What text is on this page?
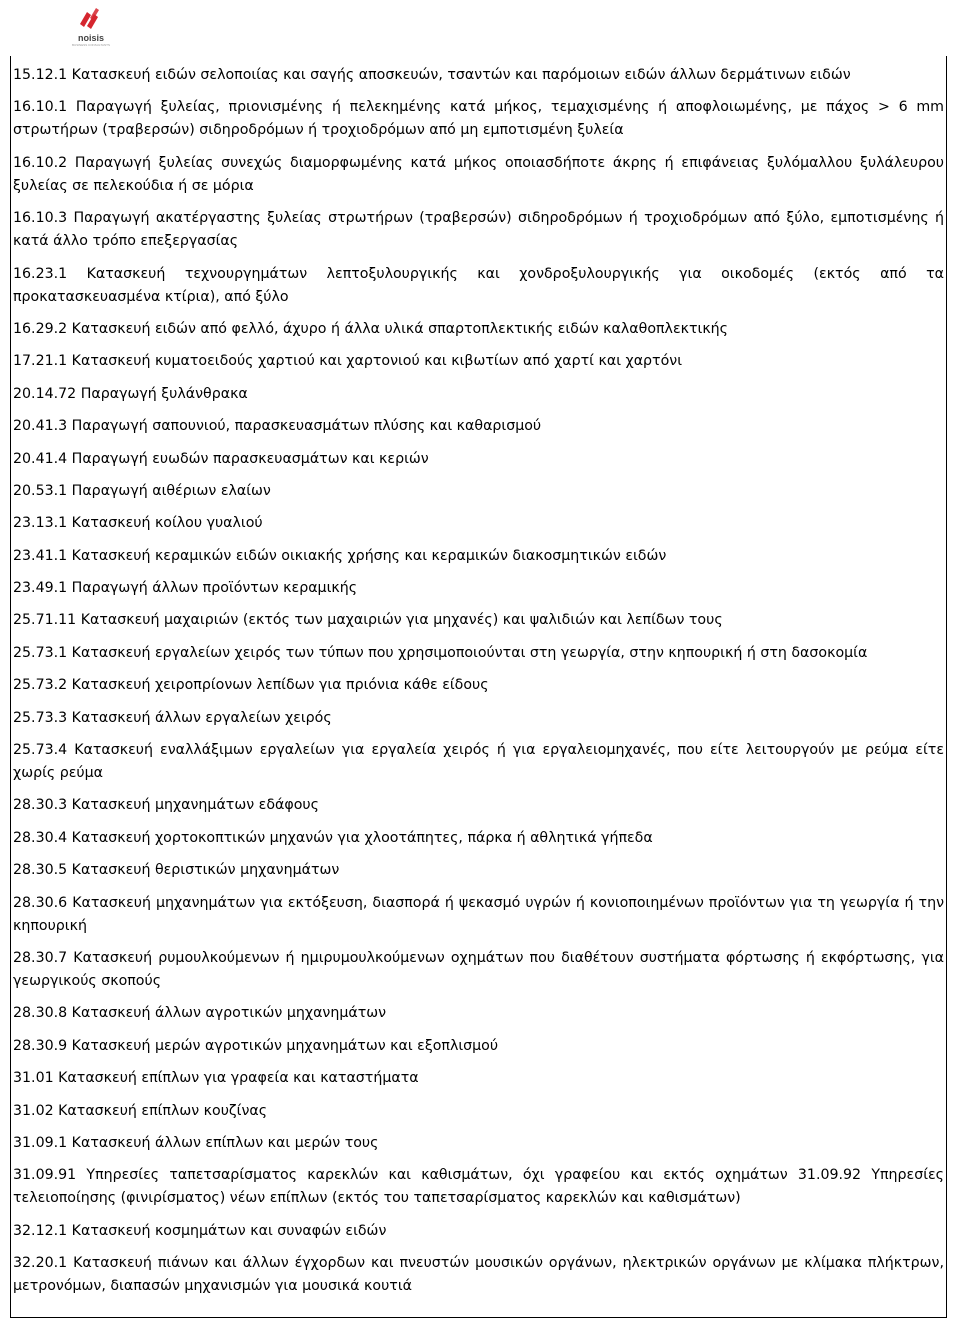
noisis
BUSINESS CONSULTANTS
15.12.1 Κατασκευή ειδών σελοποιίας και σαγής αποσκευών, τσαντών και παρόμοιων ειδών άλλων δερμάτινων ειδών
16.10.1 Παραγωγή ξυλείας, πριονισμένης ή πελεκημένης κατά μήκος, τεμαχισμένης ή αποφλοιωμένης, με πάχος > 6 mm στρωτήρων (τραβερσών) σιδηροδρόμων ή τροχιοδρόμων από μη εμποτισμένη ξυλεία
16.10.2 Παραγωγή ξυλείας συνεχώς διαμορφωμένης κατά μήκος οποιασδήποτε άκρης ή επιφάνειας ξυλόμαλλου ξυλάλευρου ξυλείας σε πελεκούδια ή σε μόρια
16.10.3 Παραγωγή ακατέργαστης ξυλείας στρωτήρων (τραβερσών) σιδηροδρόμων ή τροχιοδρόμων από ξύλο, εμποτισμένης ή κατά άλλο τρόπο επεξεργασίας
16.23.1 Κατασκευή τεχνουργημάτων λεπτοξυλουργικής και χονδροξυλουργικής για οικοδομές (εκτός από τα προκατασκευασμένα κτίρια), από ξύλο
16.29.2 Κατασκευή ειδών από φελλό, άχυρο ή άλλα υλικά σπαρτοπλεκτικής ειδών καλαθοπλεκτικής
17.21.1 Κατασκευή κυματοειδούς χαρτιού και χαρτονιού και κιβωτίων από χαρτί και χαρτόνι
20.14.72 Παραγωγή ξυλάνθρακα
20.41.3 Παραγωγή σαπουνιού, παρασκευασμάτων πλύσης και καθαρισμού
20.41.4 Παραγωγή ευωδών παρασκευασμάτων και κεριών
20.53.1 Παραγωγή αιθέριων ελαίων
23.13.1 Κατασκευή κοίλου γυαλιού
23.41.1 Κατασκευή κεραμικών ειδών οικιακής χρήσης και κεραμικών διακοσμητικών ειδών
23.49.1 Παραγωγή άλλων προϊόντων κεραμικής
25.71.11 Κατασκευή μαχαιριών (εκτός των μαχαιριών για μηχανές) και ψαλιδιών και λεπίδων τους
25.73.1 Κατασκευή εργαλείων χειρός των τύπων που χρησιμοποιούνται στη γεωργία, στην κηπουρική ή στη δασοκομία
25.73.2 Κατασκευή χειροπρίονων λεπίδων για πριόνια κάθε είδους
25.73.3 Κατασκευή άλλων εργαλείων χειρός
25.73.4 Κατασκευή εναλλάξιμων εργαλείων για εργαλεία χειρός ή για εργαλειομηχανές, που είτε λειτουργούν με ρεύμα είτε χωρίς ρεύμα
28.30.3 Κατασκευή μηχανημάτων εδάφους
28.30.4 Κατασκευή χορτοκοπτικών μηχανών για χλοοτάπητες, πάρκα ή αθλητικά γήπεδα
28.30.5 Κατασκευή θεριστικών μηχανημάτων
28.30.6 Κατασκευή μηχανημάτων για εκτόξευση, διασπορά ή ψεκασμό υγρών ή κονιοποιημένων προϊόντων για τη γεωργία ή την κηπουρική
28.30.7 Κατασκευή ρυμουλκούμενων ή ημιρυμουλκούμενων οχημάτων που διαθέτουν συστήματα φόρτωσης ή εκφόρτωσης, για γεωργικούς σκοπούς
28.30.8 Κατασκευή άλλων αγροτικών μηχανημάτων
28.30.9 Κατασκευή μερών αγροτικών μηχανημάτων και εξοπλισμού
31.01 Κατασκευή επίπλων για γραφεία και καταστήματα
31.02 Κατασκευή επίπλων κουζίνας
31.09.1 Κατασκευή άλλων επίπλων και μερών τους
31.09.91 Υπηρεσίες ταπετσαρίσματος καρεκλών και καθισμάτων, όχι γραφείου και εκτός οχημάτων 31.09.92 Υπηρεσίες τελειοποίησης (φινιρίσματος) νέων επίπλων (εκτός του ταπετσαρίσματος καρεκλών και καθισμάτων)
32.12.1 Κατασκευή κοσμημάτων και συναφών ειδών
32.20.1 Κατασκευή πιάνων και άλλων έγχορδων και πνευστών μουσικών οργάνων, ηλεκτρικών οργάνων με κλίμακα πλήκτρων, μετρονόμων, διαπασών μηχανισμών για μουσικά κουτιά
